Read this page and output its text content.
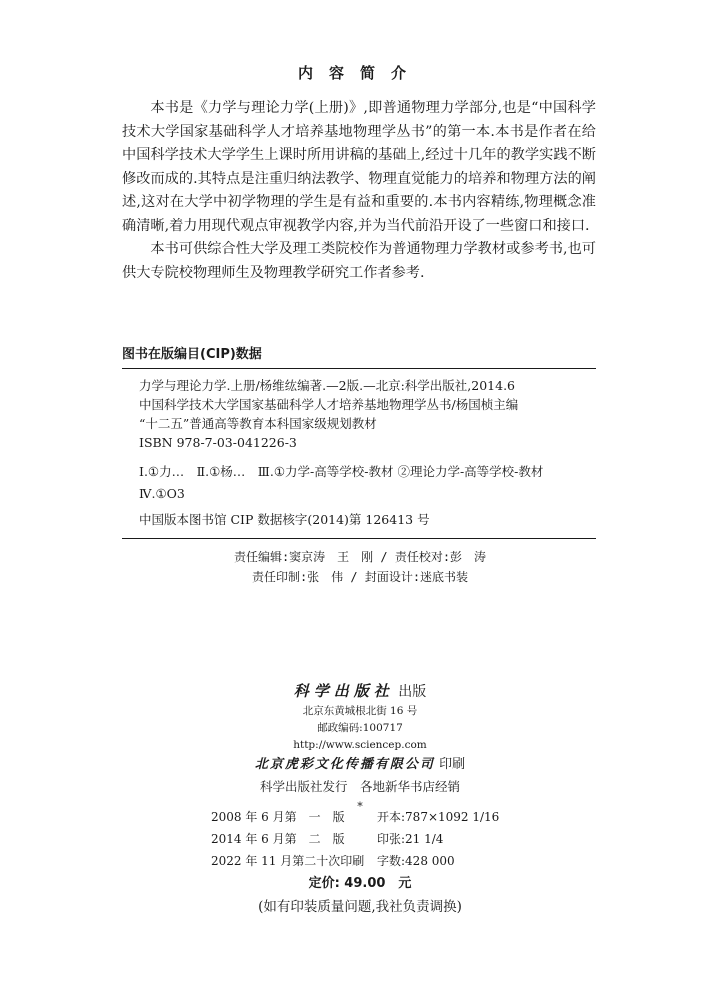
内容简介

本书是《力学与理论力学(上册)》,即普通物理力学部分,也是“中国科学技术大学国家基础科学人才培养基地物理学丛书”的第一本.本书是作者在给中国科学技术大学学生上课时所用讲稿的基础上,经过十几年的教学实践不断修改而成的.其特点是注重归纳法教学、物理直觉能力的培养和物理方法的阐述,这对在大学中初学物理的学生是有益和重要的.本书内容精练,物理概念准确清晰,着力用现代观点审视教学内容,并为当代前沿开设了一些窗口和接口.

本书可供综合性大学及理工类院校作为普通物理力学教材或参考书,也可供大专院校物理师生及物理教学研究工作者参考.

图书在版编目(CIP)数据
力学与理论力学.上册/杨维纮编著.—2版.—北京:科学出版社,2014.6
中国科学技术大学国家基础科学人才培养基地物理学丛书/杨国桢主编
“十二五”普通高等教育本科国家级规划教材
ISBN 978-7-03-041226-3
Ⅰ.①力…　Ⅱ.①杨…　Ⅲ.①力学-高等学校-教材 ②理论力学-高等学校-教材　Ⅳ.①O3
中国版本图书馆 CIP 数据核字(2014)第 126413 号
责任编辑:窦京涛　王　刚 / 责任校对:彭　涛
责任印制:张　伟 / 封面设计:迷底书装
科学出版社 出版
北京东黄城根北街 16 号
邮政编码:100717
http://www.sciencep.com
北京虎彩文化传播有限公司 印刷
科学出版社发行　各地新华书店经销
*
2008 年 6 月第　一　版	开本:787×1092 1/16
2014 年 6 月第　二　版	印张:21 1/4
2022 年 11 月第二十次印刷	字数:428 000
定价: 49.00　元
(如有印装质量问题,我社负责调换)
